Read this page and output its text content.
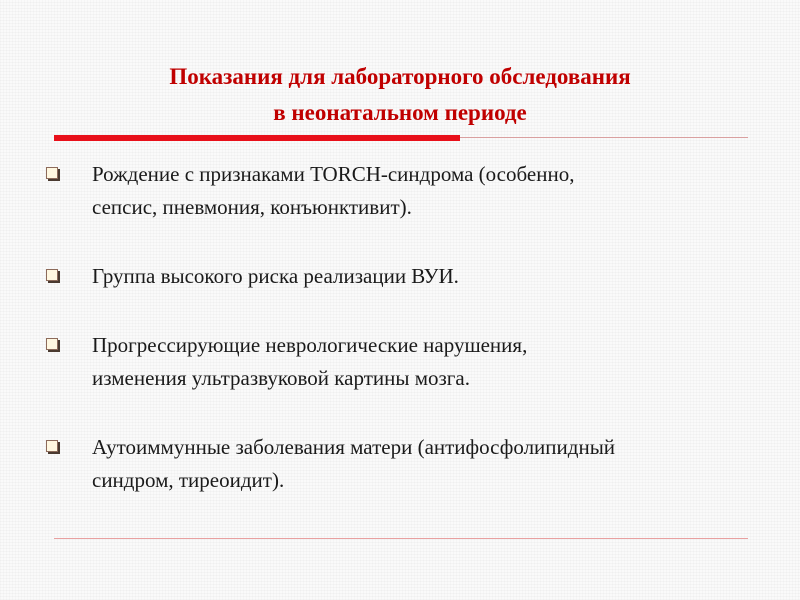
Показания для лабораторного обследования
в неонатальном периоде
Рождение с признаками TORCH-синдрома (особенно,
сепсис, пневмония, конъюнктивит).
Группа высокого риска реализации ВУИ.
Прогрессирующие неврологические нарушения,
изменения ультразвуковой картины мозга.
Аутоиммунные заболевания матери (антифосфолипидный
синдром, тиреоидит).
